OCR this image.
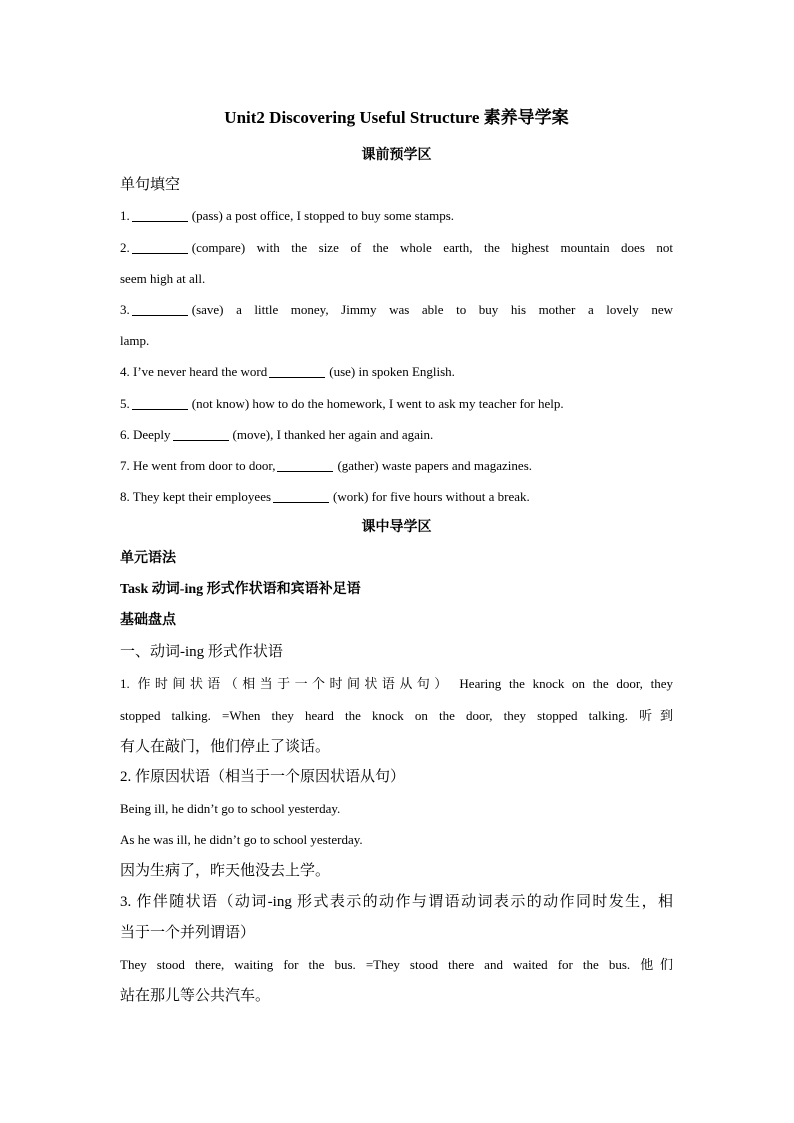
Unit2 Discovering Useful Structure 素养导学案
课前预学区
单句填空
1.	(pass) a post office, I stopped to buy some stamps.
2.	(compare) with the size of the whole earth, the highest mountain does not
seem high at all.
3.	(save) a little money, Jimmy was able to buy his mother a lovely new
lamp.
4. I’ve never heard the word	(use) in spoken English.
5.	(not know) how to do the homework, I went to ask my teacher for help.
6. Deeply	(move), I thanked her again and again.
7. He went from door to door,	(gather) waste papers and magazines.
8. They kept their employees	(work) for five hours without a break.
课中导学区
单元语法
Task 动词-ing 形式作状语和宾语补足语
基础盘点
一、动词-ing 形式作状语
1. 作时间状语（相当于一个时间状语从句） Hearing the knock on the door, they
stopped talking. =When they heard the knock on the door, they stopped talking. 听到
有人在敲门，他们停止了谈话。
2. 作原因状语（相当于一个原因状语从句）
Being ill, he didn’t go to school yesterday.
As he was ill, he didn’t go to school yesterday.
因为生病了，昨天他没去上学。
3. 作伴随状语（动词-ing 形式表示的动作与谓语动词表示的动作同时发生，相
当于一个并列谓语）
They stood there, waiting for the bus. =They stood there and waited for the bus. 他们
站在那儿等公共汽车。
